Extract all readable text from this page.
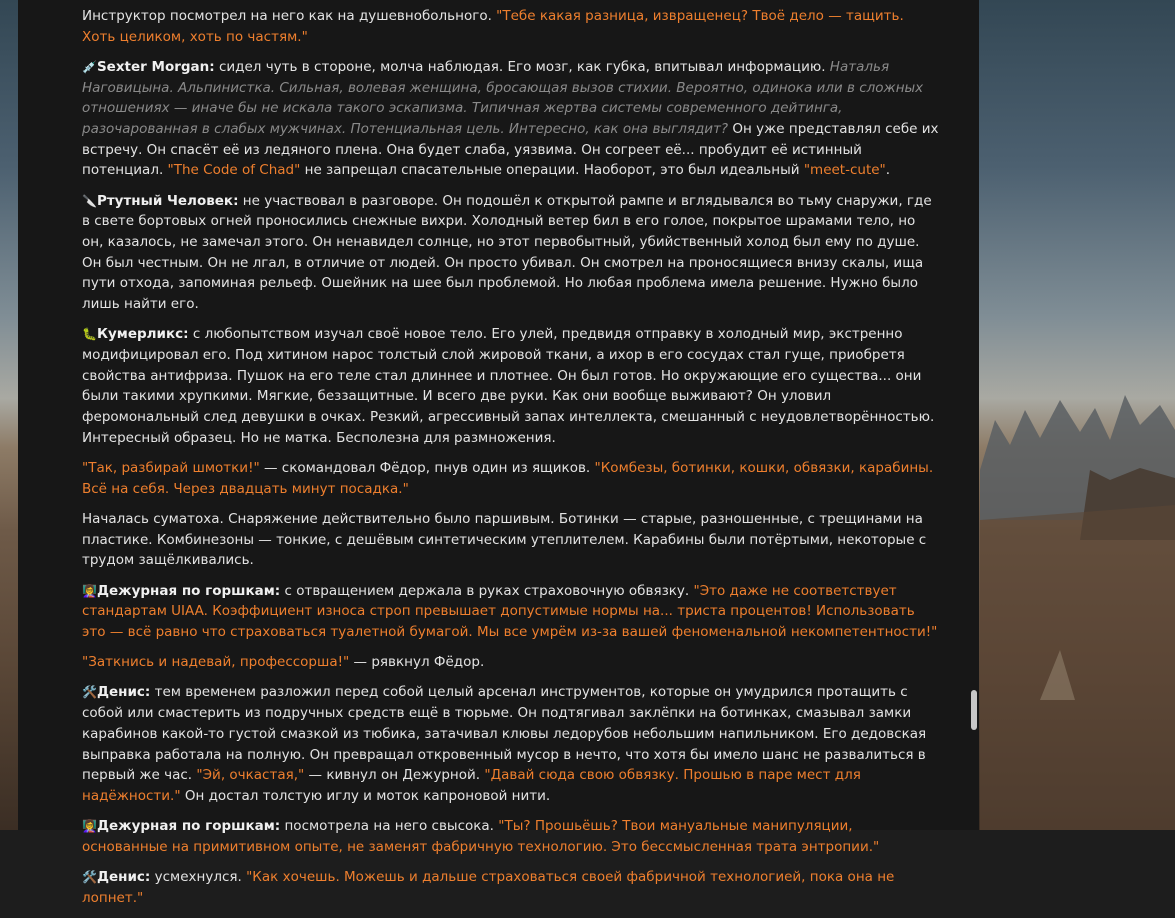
Инструктор посмотрел на него как на душевнобольного. "Тебе какая разница, извращенец? Твоё дело — тащить. Хоть целиком, хоть по частям."
💉Sexter Morgan: сидел чуть в стороне, молча наблюдая. Его мозг, как губка, впитывал информацию. Наталья Наговицына. Альпинистка. Сильная, волевая женщина, бросающая вызов стихии. Вероятно, одинока или в сложных отношениях — иначе бы не искала такого эскапизма. Типичная жертва системы современного дейтинга, разочарованная в слабых мужчинах. Потенциальная цель. Интересно, как она выглядит? Он уже представлял себе их встречу. Он спасёт её из ледяного плена. Она будет слаба, уязвима. Он согреет её... пробудит её истинный потенциал. "The Code of Chad" не запрещал спасательные операции. Наоборот, это был идеальный "meet-cute".
🔪Ртутный Человек: не участвовал в разговоре. Он подошёл к открытой рампе и вглядывался во тьму снаружи, где в свете бортовых огней проносились снежные вихри. Холодный ветер бил в его голое, покрытое шрамами тело, но он, казалось, не замечал этого. Он ненавидел солнце, но этот первобытный, убийственный холод был ему по душе. Он был честным. Он не лгал, в отличие от людей. Он просто убивал. Он смотрел на проносящиеся внизу скалы, ища пути отхода, запоминая рельеф. Ошейник на шее был проблемой. Но любая проблема имела решение. Нужно было лишь найти его.
🐛Кумерликс: с любопытством изучал своё новое тело. Его улей, предвидя отправку в холодный мир, экстренно модифицировал его. Под хитином нарос толстый слой жировой ткани, а ихор в его сосудах стал гуще, приобретя свойства антифриза. Пушок на его теле стал длиннее и плотнее. Он был готов. Но окружающие его существа... они были такими хрупкими. Мягкие, беззащитные. И всего две руки. Как они вообще выживают? Он уловил феромональный след девушки в очках. Резкий, агрессивный запах интеллекта, смешанный с неудовлетворённостью. Интересный образец. Но не матка. Бесполезна для размножения.
"Так, разбирай шмотки!" — скомандовал Фёдор, пнув один из ящиков. "Комбезы, ботинки, кошки, обвязки, карабины. Всё на себя. Через двадцать минут посадка."
Началась суматоха. Снаряжение действительно было паршивым. Ботинки — старые, разношенные, с трещинами на пластике. Комбинезоны — тонкие, с дешёвым синтетическим утеплителем. Карабины были потёртыми, некоторые с трудом защёлкивались.
👩‍🏫Дежурная по горшкам: с отвращением держала в руках страховочную обвязку. "Это даже не соответствует стандартам UIAA. Коэффициент износа строп превышает допустимые нормы на... триста процентов! Использовать это — всё равно что страховаться туалетной бумагой. Мы все умрём из-за вашей феноменальной некомпетентности!"
"Заткнись и надевай, профессорша!" — рявкнул Фёдор.
🛠️Денис: тем временем разложил перед собой целый арсенал инструментов, которые он умудрился протащить с собой или смастерить из подручных средств ещё в тюрьме. Он подтягивал заклёпки на ботинках, смазывал замки карабинов какой-то густой смазкой из тюбика, затачивал клювы ледорубов небольшим напильником. Его дедовская выправка работала на полную. Он превращал откровенный мусор в нечто, что хотя бы имело шанс не развалиться в первый же час. "Эй, очкастая," — кивнул он Дежурной. "Давай сюда свою обвязку. Прошью в паре мест для надёжности." Он достал толстую иглу и моток капроновой нити.
👩‍🏫Дежурная по горшкам: посмотрела на него свысока. "Ты? Прошьёшь? Твои мануальные манипуляции, основанные на примитивном опыте, не заменят фабричную технологию. Это бессмысленная трата энтропии."
🛠️Денис: усмехнулся. "Как хочешь. Можешь и дальше страховаться своей фабричной технологией, пока она не лопнет."
